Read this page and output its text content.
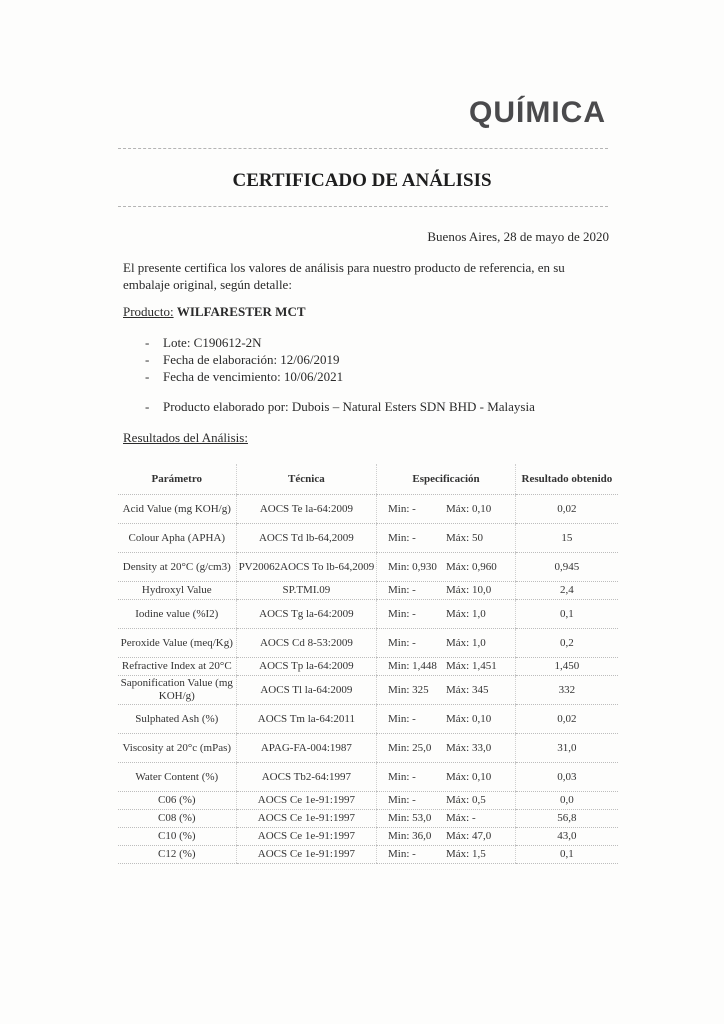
QUÍMICA
CERTIFICADO DE ANÁLISIS
Buenos Aires, 28 de mayo de 2020
El presente certifica los valores de análisis para nuestro producto de referencia, en su embalaje original, según detalle:
Producto: WILFARESTER MCT
- Lote: C190612-2N
- Fecha de elaboración: 12/06/2019
- Fecha de vencimiento: 10/06/2021
- Producto elaborado por: Dubois – Natural Esters SDN BHD - Malaysia
Resultados del Análisis:
Parámetro	Técnica	Especificación	Resultado obtenido
Acid Value (mg KOH/g)	AOCS Te la-64:2009	Min: - Máx: 0,10	0,02
Colour Apha (APHA)	AOCS Td lb-64,2009	Min: - Máx: 50	15
Density at 20°C (g/cm3)	PV20062AOCS To lb-64,2009	Min: 0,930 Máx: 0,960	0,945
Hydroxyl Value	SP.TMI.09	Min: - Máx: 10,0	2,4
Iodine value (%I2)	AOCS Tg la-64:2009	Min: - Máx: 1,0	0,1
Peroxide Value (meq/Kg)	AOCS Cd 8-53:2009	Min: - Máx: 1,0	0,2
Refractive Index at 20°C	AOCS Tp la-64:2009	Min: 1,448 Máx: 1,451	1,450
Saponification Value (mg KOH/g)	AOCS Tl la-64:2009	Min: 325 Máx: 345	332
Sulphated Ash (%)	AOCS Tm la-64:2011	Min: - Máx: 0,10	0,02
Viscosity at 20°c (mPas)	APAG-FA-004:1987	Min: 25,0 Máx: 33,0	31,0
Water Content (%)	AOCS Tb2-64:1997	Min: - Máx: 0,10	0,03
C06 (%)	AOCS Ce 1e-91:1997	Min: - Máx: 0,5	0,0
C08 (%)	AOCS Ce 1e-91:1997	Min: 53,0 Máx: -	56,8
C10 (%)	AOCS Ce 1e-91:1997	Min: 36,0 Máx: 47,0	43,0
C12 (%)	AOCS Ce 1e-91:1997	Min: - Máx: 1,5	0,1
